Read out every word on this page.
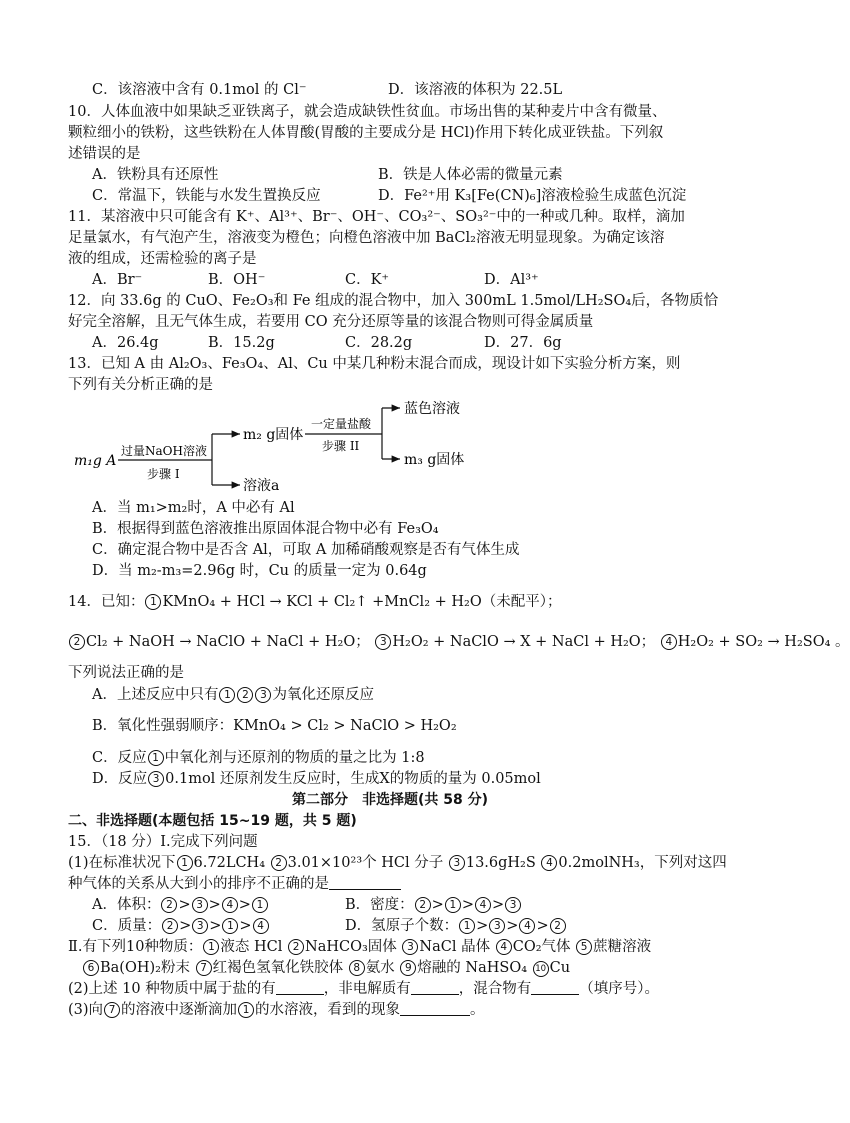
C．该溶液中含有 0.1mol 的 Cl⁻	D．该溶液的体积为 22.5L
10．人体血液中如果缺乏亚铁离子，就会造成缺铁性贫血。市场出售的某种麦片中含有微量、
颗粒细小的铁粉，这些铁粉在人体胃酸(胃酸的主要成分是 HCl)作用下转化成亚铁盐。下列叙
述错误的是
A．铁粉具有还原性	B．铁是人体必需的微量元素
C．常温下，铁能与水发生置换反应	D．Fe²⁺用 K₃[Fe(CN)₆]溶液检验生成蓝色沉淀
11．某溶液中只可能含有 K⁺、Al³⁺、Br⁻、OH⁻、CO₃²⁻、SO₃²⁻中的一种或几种。取样，滴加
足量氯水，有气泡产生，溶液变为橙色；向橙色溶液中加 BaCl₂溶液无明显现象。为确定该溶
液的组成，还需检验的离子是
A．Br⁻	B．OH⁻	C．K⁺	D．Al³⁺
12．向 33.6g 的 CuO、Fe₂O₃和 Fe 组成的混合物中，加入 300mL 1.5mol/LH₂SO₄后，各物质恰
好完全溶解，且无气体生成，若要用 CO 充分还原等量的该混合物则可得金属质量
A．26.4g	B．15.2g	C．28.2g	D．27．6g
13．已知 A 由 Al₂O₃、Fe₃O₄、Al、Cu 中某几种粉末混合而成，现设计如下实验分析方案，则
下列有关分析正确的是
m₁g A
过量NaOH溶液
步骤 I
m₂ g固体
溶液a
一定量盐酸
步骤 II
蓝色溶液
m₃ g固体
A．当 m₁>m₂时，A 中必有 Al
B．根据得到蓝色溶液推出原固体混合物中必有 Fe₃O₄
C．确定混合物中是否含 Al，可取 A 加稀硝酸观察是否有气体生成
D．当 m₂-m₃=2.96g 时，Cu 的质量一定为 0.64g
14．已知： 1 KMnO₄ + HCl → KCl + Cl₂↑ +MnCl₂ + H₂O（未配平）；
2 Cl₂ + NaOH → NaClO + NaCl + H₂O； 3 H₂O₂ + NaClO → X + NaCl + H₂O； 4 H₂O₂ + SO₂ → H₂SO₄ 。
下列说法正确的是
A．上述反应中只有 1 2 3 为氧化还原反应
B．氧化性强弱顺序：KMnO₄ > Cl₂ > NaClO > H₂O₂
C．反应 1 中氧化剂与还原剂的物质的量之比为 1:8
D．反应 3 0.1mol 还原剂发生反应时，生成X的物质的量为 0.05mol
第二部分　非选择题(共 58 分)
二、非选择题(本题包括 15~19 题，共 5 题)
15．（18 分）Ⅰ.完成下列问题
(1)在标准状况下 1 6.72LCH₄ 2 3.01×10²³个 HCl 分子 3 13.6gH₂S 4 0.2molNH₃，下列对这四
种气体的关系从大到小的排序不正确的是
A．体积： 2 > 3 > 4 > 1	B．密度： 2 > 1 > 4 > 3
C．质量： 2 > 3 > 1 > 4	D．氢原子个数： 1 > 3 > 4 > 2
Ⅱ.有下列10种物质： 1 液态 HCl 2 NaHCO₃固体 3 NaCl 晶体 4 CO₂气体 5 蔗糖溶液
6 Ba(OH)₂粉末 7 红褐色氢氧化铁胶体 8 氨水 9 熔融的 NaHSO₄ 10 Cu
(2)上述 10 种物质中属于盐的有	，非电解质有	，混合物有	（填序号）。
(3)向 7 的溶液中逐渐滴加 1 的水溶液，看到的现象	。
